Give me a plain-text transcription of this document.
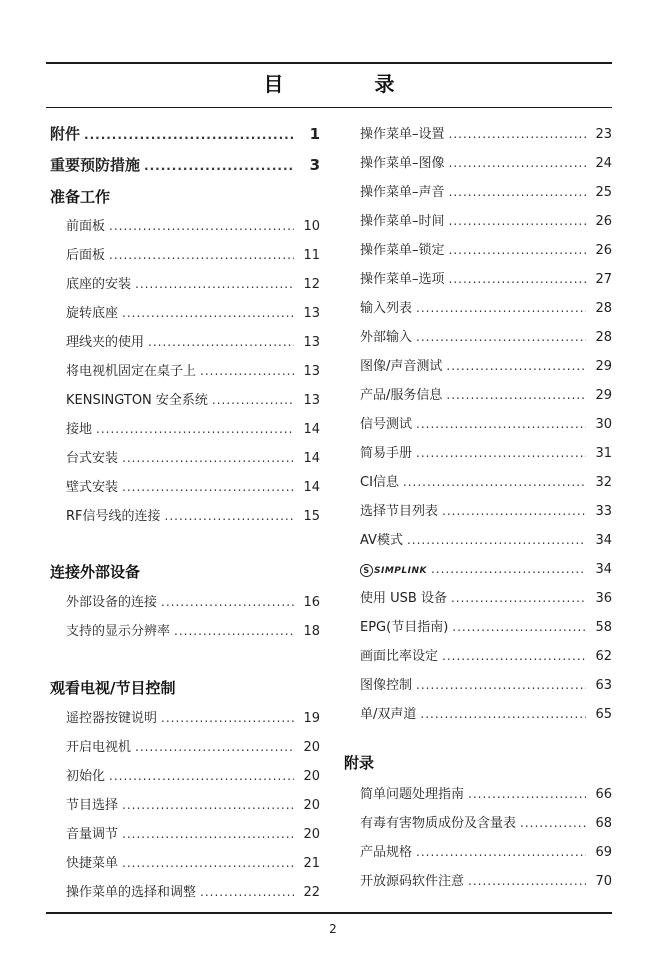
目 录
附件 .....	1
重要预防措施 .....	3
准备工作
前面板 .....	10
后面板 .....	11
底座的安装 .....	12
旋转底座 .....	13
理线夹的使用 .....	13
将电视机固定在桌子上 .....	13
KENSINGTON 安全系统 .....	13
接地 .....	14
台式安装 .....	14
壁式安装 .....	14
RF信号线的连接 .....	15
连接外部设备
外部设备的连接 .....	16
支持的显示分辨率 .....	18
观看电视/节目控制
遥控器按键说明 .....	19
开启电视机 .....	20
初始化 .....	20
节目选择 .....	20
音量调节 .....	20
快捷菜单 .....	21
操作菜单的选择和调整 .....	22
操作菜单–设置 .....	23
操作菜单–图像 .....	24
操作菜单–声音 .....	25
操作菜单–时间 .....	26
操作菜单–锁定 .....	26
操作菜单–选项 .....	27
输入列表 .....	28
外部输入 .....	28
图像/声音测试 .....	29
产品/服务信息 .....	29
信号测试 .....	30
简易手册 .....	31
CI信息 .....	32
选择节目列表 .....	33
AV模式 .....	34
S SIMPLINK .....	34
使用 USB 设备 .....	36
EPG(节目指南) .....	58
画面比率设定 .....	62
图像控制 .....	63
单/双声道 .....	65
附录
简单问题处理指南 .....	66
有毒有害物质成份及含量表 .....	68
产品规格 .....	69
开放源码软件注意 .....	70
2
